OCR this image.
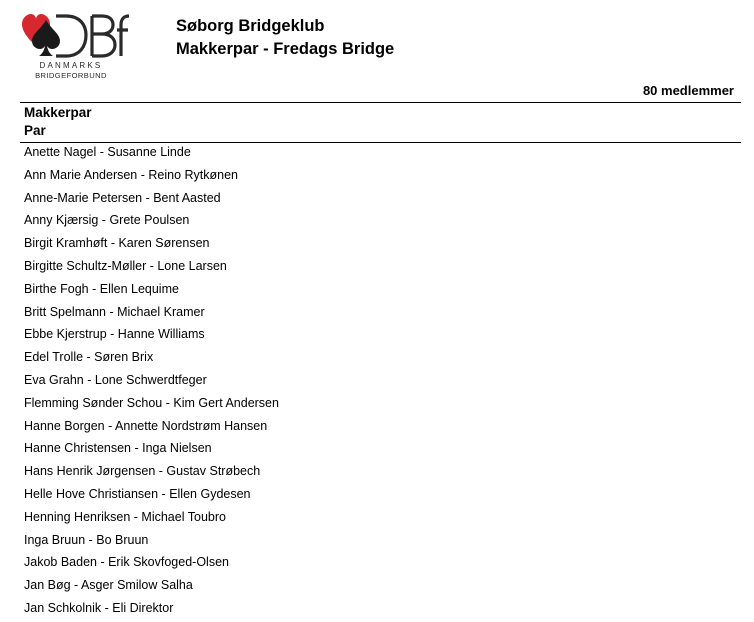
DANMARKS
BRIDGEFORBUND
Søborg Bridgeklub
Makkerpar - Fredags Bridge
80 medlemmer
Makkerpar
Par
Anette Nagel - Susanne Linde
Ann Marie Andersen - Reino Rytkønen
Anne-Marie Petersen - Bent Aasted
Anny Kjærsig - Grete Poulsen
Birgit Kramhøft - Karen Sørensen
Birgitte Schultz-Møller - Lone Larsen
Birthe Fogh - Ellen Lequime
Britt Spelmann - Michael Kramer
Ebbe Kjerstrup - Hanne Williams
Edel Trolle - Søren Brix
Eva Grahn - Lone Schwerdtfeger
Flemming Sønder Schou - Kim Gert Andersen
Hanne Borgen - Annette Nordstrøm Hansen
Hanne Christensen - Inga Nielsen
Hans Henrik Jørgensen - Gustav Strøbech
Helle Hove Christiansen - Ellen Gydesen
Henning Henriksen - Michael Toubro
Inga Bruun - Bo Bruun
Jakob Baden - Erik Skovfoged-Olsen
Jan Bøg - Asger Smilow Salha
Jan Schkolnik - Eli Direktor
